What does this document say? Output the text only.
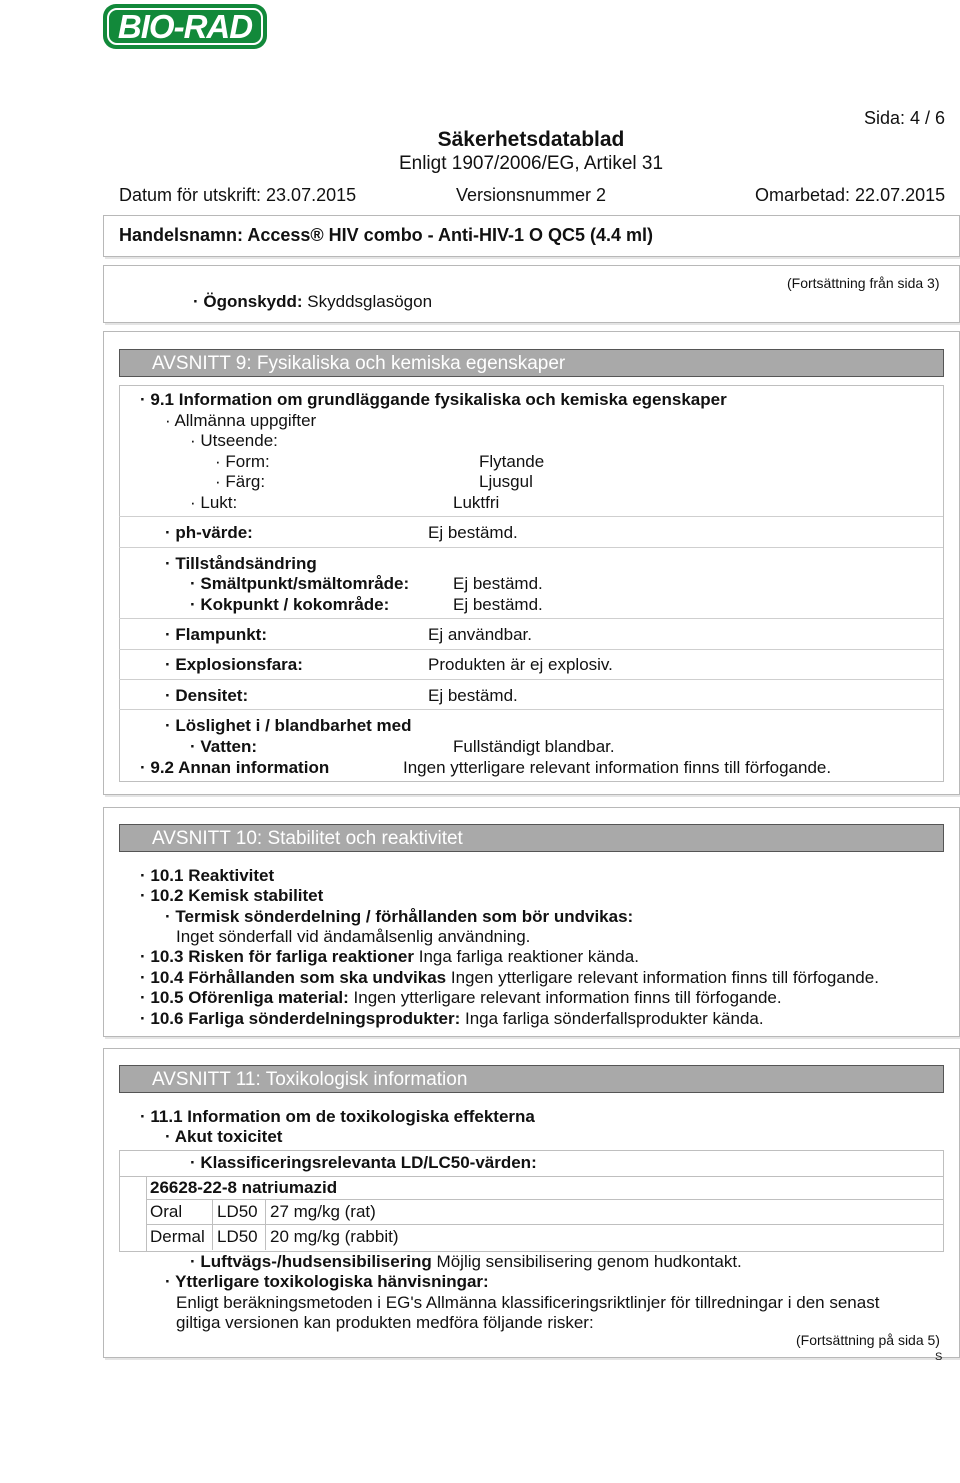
BIO-RAD
Sida: 4 / 6
Säkerhetsdatablad
Enligt 1907/2006/EG, Artikel 31
Datum för utskrift: 23.07.2015	Versionsnummer 2	Omarbetad: 22.07.2015
Handelsnamn: Access® HIV combo - Anti-HIV-1 O QC5 (4.4 ml)
(Fortsättning från sida 3)
· Ögonskydd: Skyddsglasögon
AVSNITT 9: Fysikaliska och kemiska egenskaper
· 9.1 Information om grundläggande fysikaliska och kemiska egenskaper
· Allmänna uppgifter
· Utseende:
· Form:	Flytande
· Färg:	Ljusgul
· Lukt:	Luktfri
· ph-värde:	Ej bestämd.
· Tillståndsändring
· Smältpunkt/smältområde:	Ej bestämd.
· Kokpunkt / kokområde:	Ej bestämd.
· Flampunkt:	Ej användbar.
· Explosionsfara:	Produkten är ej explosiv.
· Densitet:	Ej bestämd.
· Löslighet i / blandbarhet med
· Vatten:	Fullständigt blandbar.
· 9.2 Annan information	Ingen ytterligare relevant information finns till förfogande.
AVSNITT 10: Stabilitet och reaktivitet
· 10.1 Reaktivitet
· 10.2 Kemisk stabilitet
· Termisk sönderdelning / förhållanden som bör undvikas:
Inget sönderfall vid ändamålsenlig användning.
· 10.3 Risken för farliga reaktioner Inga farliga reaktioner kända.
· 10.4 Förhållanden som ska undvikas Ingen ytterligare relevant information finns till förfogande.
· 10.5 Oförenliga material: Ingen ytterligare relevant information finns till förfogande.
· 10.6 Farliga sönderdelningsprodukter: Inga farliga sönderfallsprodukter kända.
AVSNITT 11: Toxikologisk information
· 11.1 Information om de toxikologiska effekterna
· Akut toxicitet
· Klassificeringsrelevanta LD/LC50-värden:
26628-22-8 natriumazid
Oral LD50 27 mg/kg (rat)
Dermal LD50 20 mg/kg (rabbit)
· Luftvägs-/hudsensibilisering Möjlig sensibilisering genom hudkontakt.
· Ytterligare toxikologiska hänvisningar:
Enligt beräkningsmetoden i EG's Allmänna klassificeringsriktlinjer för tillredningar i den senast
giltiga versionen kan produkten medföra följande risker:
(Fortsättning på sida 5)
S
